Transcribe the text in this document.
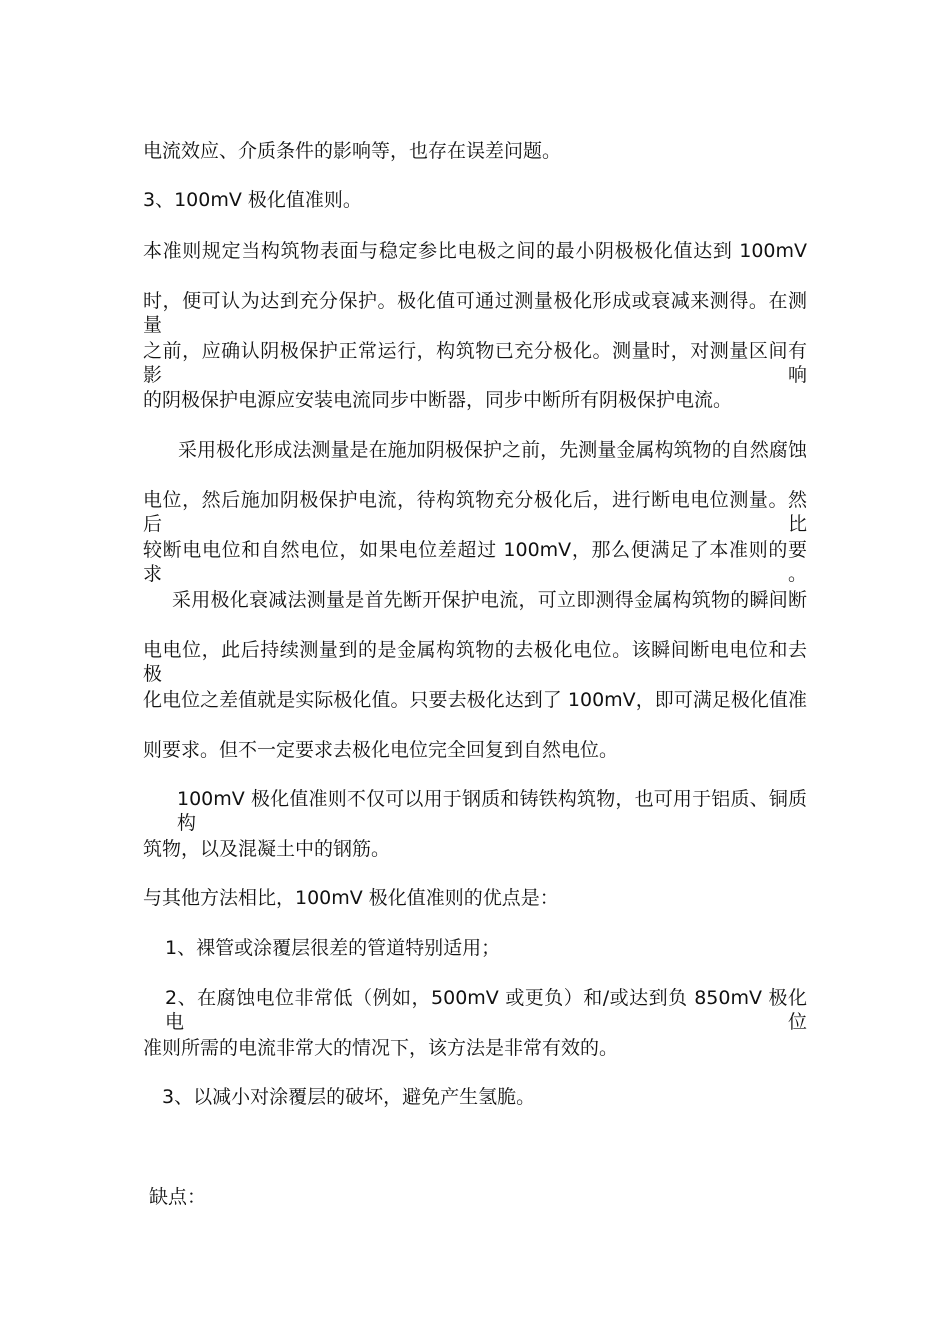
电流效应、介质条件的影响等，也存在误差问题。
3、100mV 极化值准则。
本准则规定当构筑物表面与稳定参比电极之间的最小阴极极化值达到 100mV
时，便可认为达到充分保护。极化值可通过测量极化形成或衰减来测得。在测量
之前，应确认阴极保护正常运行，构筑物已充分极化。测量时，对测量区间有影响
的阴极保护电源应安装电流同步中断器，同步中断所有阴极保护电流。
采用极化形成法测量是在施加阴极保护之前，先测量金属构筑物的自然腐蚀
电位，然后施加阴极保护电流，待构筑物充分极化后，进行断电电位测量。然后比
较断电电位和自然电位，如果电位差超过 100mV，那么便满足了本准则的要求。
采用极化衰减法测量是首先断开保护电流，可立即测得金属构筑物的瞬间断
电电位，此后持续测量到的是金属构筑物的去极化电位。该瞬间断电电位和去极
化电位之差值就是实际极化值。只要去极化达到了 100mV，即可满足极化值准
则要求。但不一定要求去极化电位完全回复到自然电位。
100mV 极化值准则不仅可以用于钢质和铸铁构筑物，也可用于铝质、铜质构
筑物，以及混凝土中的钢筋。
与其他方法相比，100mV 极化值准则的优点是：
1、裸管或涂覆层很差的管道特别适用；
2、在腐蚀电位非常低（例如，500mV 或更负）和/或达到负 850mV 极化电位
准则所需的电流非常大的情况下，该方法是非常有效的。
3、以减小对涂覆层的破坏，避免产生氢脆。
缺点：
